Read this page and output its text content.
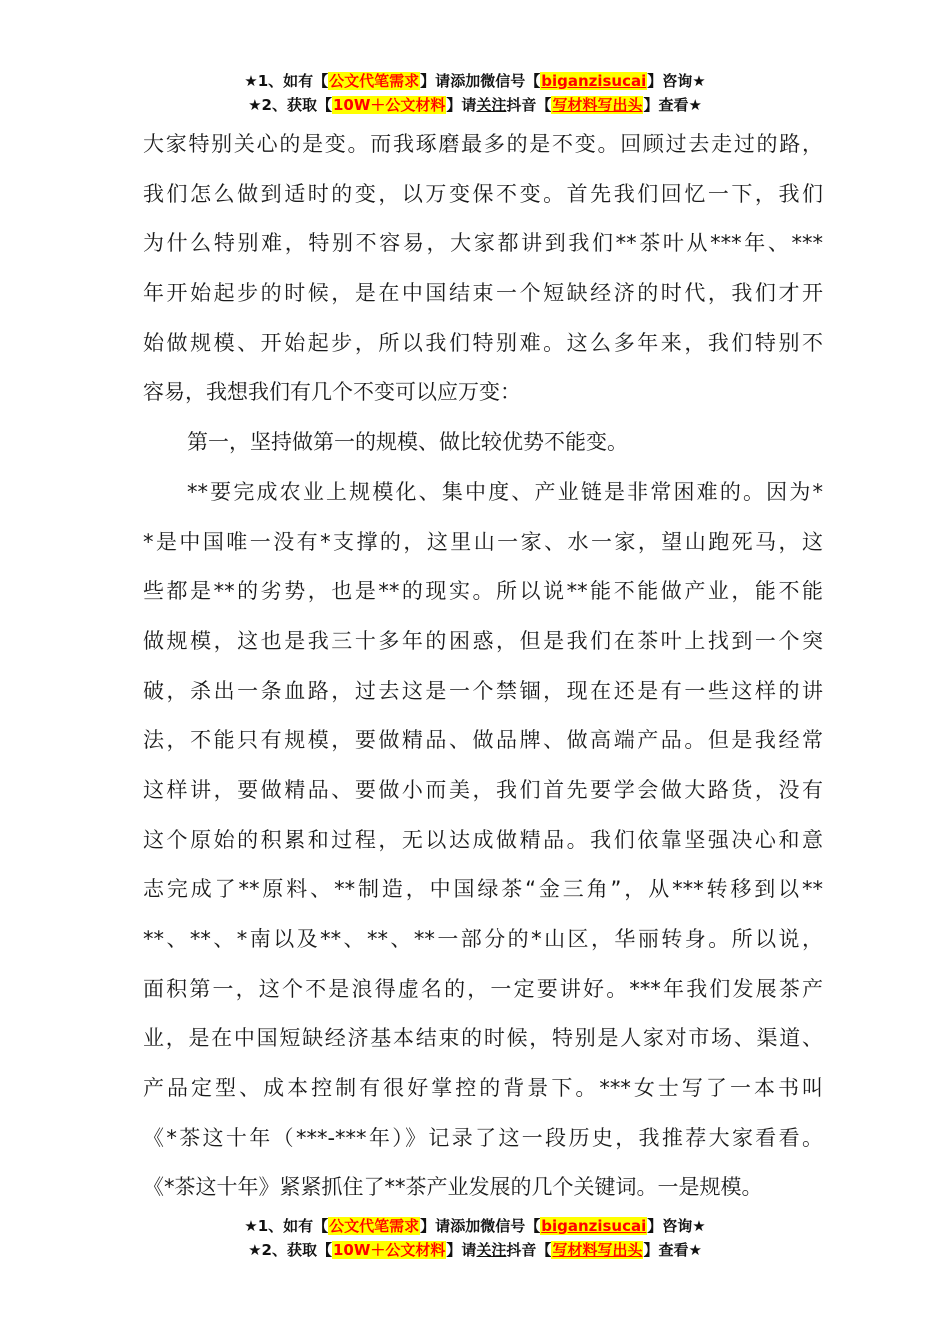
★1、如有【公文代笔需求】请添加微信号【biganzisucai】咨询★
★2、获取【10W＋公文材料】请关注抖音【写材料写出头】查看★
大家特别关心的是变。而我琢磨最多的是不变。回顾过去走过的路，
我们怎么做到适时的变，以万变保不变。首先我们回忆一下，我们
为什么特别难，特别不容易，大家都讲到我们**茶叶从***年、***
年开始起步的时候，是在中国结束一个短缺经济的时代，我们才开
始做规模、开始起步，所以我们特别难。这么多年来，我们特别不
容易，我想我们有几个不变可以应万变：
第一，坚持做第一的规模、做比较优势不能变。
**要完成农业上规模化、集中度、产业链是非常困难的。因为*
*是中国唯一没有*支撑的，这里山一家、水一家，望山跑死马，这
些都是**的劣势，也是**的现实。所以说**能不能做产业，能不能
做规模，这也是我三十多年的困惑，但是我们在茶叶上找到一个突
破，杀出一条血路，过去这是一个禁锢，现在还是有一些这样的讲
法，不能只有规模，要做精品、做品牌、做高端产品。但是我经常
这样讲，要做精品、要做小而美，我们首先要学会做大路货，没有
这个原始的积累和过程，无以达成做精品。我们依靠坚强决心和意
志完成了**原料、**制造，中国绿茶“金三角”，从***转移到以**
**、**、*南以及**、**、**一部分的*山区，华丽转身。所以说，
面积第一，这个不是浪得虚名的，一定要讲好。***年我们发展茶产
业，是在中国短缺经济基本结束的时候，特别是人家对市场、渠道、
产品定型、成本控制有很好掌控的背景下。***女士写了一本书叫
《*茶这十年（***-***年）》记录了这一段历史，我推荐大家看看。
《*茶这十年》紧紧抓住了**茶产业发展的几个关键词。一是规模。
★1、如有【公文代笔需求】请添加微信号【biganzisucai】咨询★
★2、获取【10W＋公文材料】请关注抖音【写材料写出头】查看★
